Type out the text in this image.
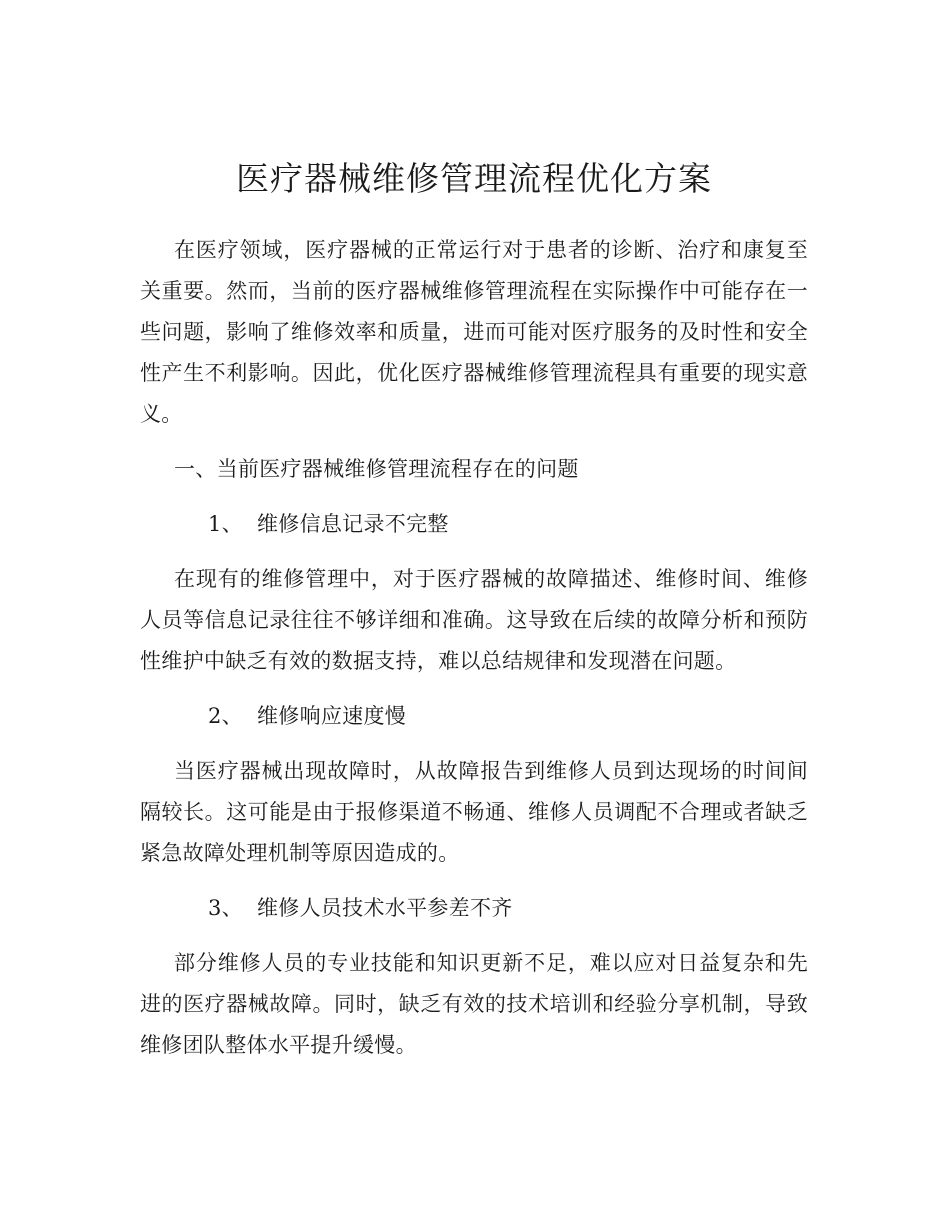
医疗器械维修管理流程优化方案

在医疗领域，医疗器械的正常运行对于患者的诊断、治疗和康复至关重要。然而，当前的医疗器械维修管理流程在实际操作中可能存在一些问题，影响了维修效率和质量，进而可能对医疗服务的及时性和安全性产生不利影响。因此，优化医疗器械维修管理流程具有重要的现实意义。

一、当前医疗器械维修管理流程存在的问题

1、 维修信息记录不完整

在现有的维修管理中，对于医疗器械的故障描述、维修时间、维修人员等信息记录往往不够详细和准确。这导致在后续的故障分析和预防性维护中缺乏有效的数据支持，难以总结规律和发现潜在问题。

2、 维修响应速度慢

当医疗器械出现故障时，从故障报告到维修人员到达现场的时间间隔较长。这可能是由于报修渠道不畅通、维修人员调配不合理或者缺乏紧急故障处理机制等原因造成的。

3、 维修人员技术水平参差不齐

部分维修人员的专业技能和知识更新不足，难以应对日益复杂和先进的医疗器械故障。同时，缺乏有效的技术培训和经验分享机制，导致维修团队整体水平提升缓慢。
